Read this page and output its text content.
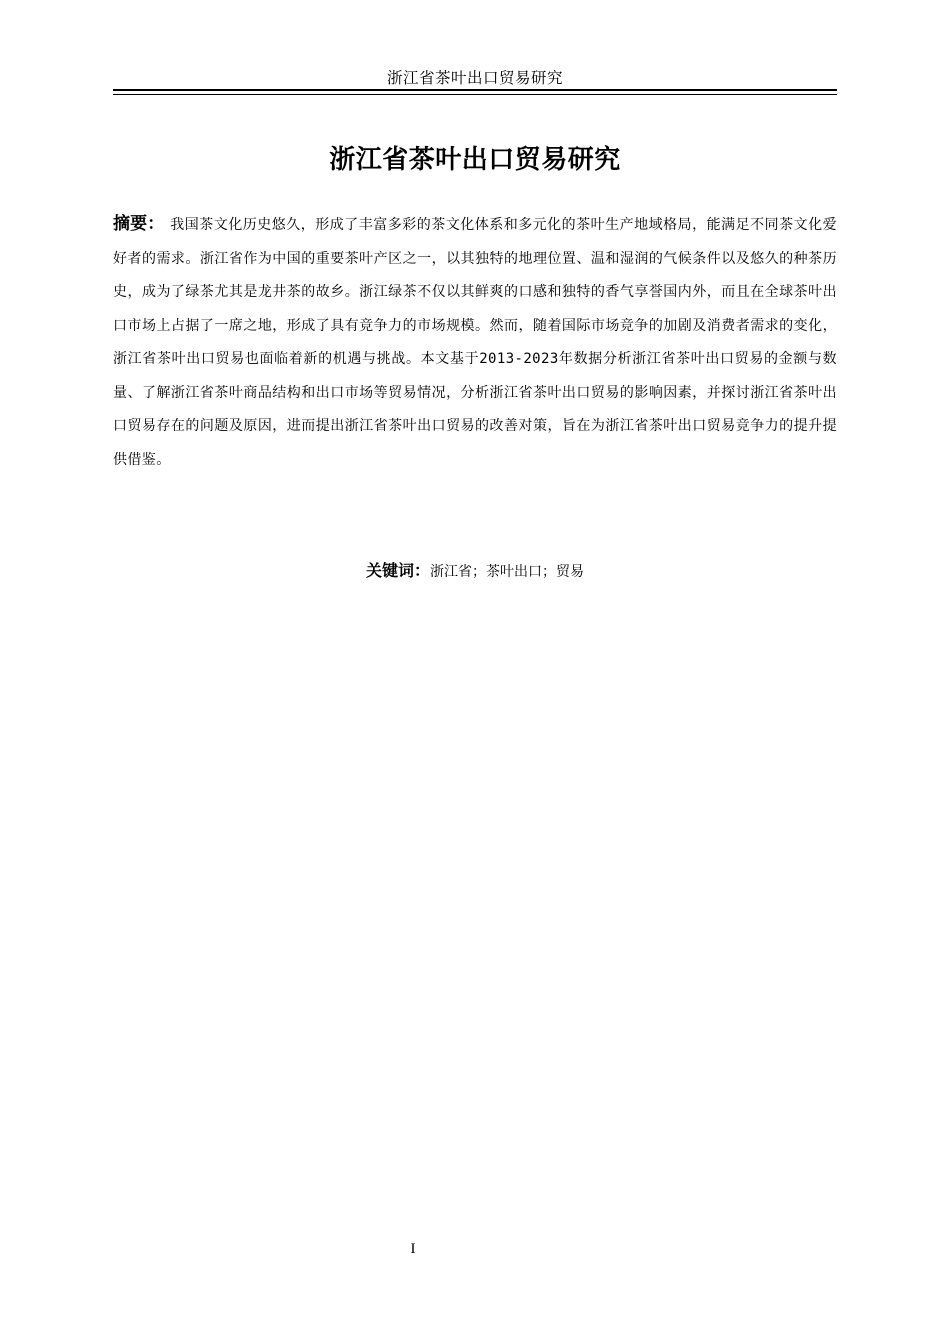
浙江省茶叶出口贸易研究
浙江省茶叶出口贸易研究

摘要： 我国茶文化历史悠久，形成了丰富多彩的茶文化体系和多元化的茶叶生产地域格局，能满足不同茶文化爱好者的需求。浙江省作为中国的重要茶叶产区之一，以其独特的地理位置、温和湿润的气候条件以及悠久的种茶历史，成为了绿茶尤其是龙井茶的故乡。浙江绿茶不仅以其鲜爽的口感和独特的香气享誉国内外，而且在全球茶叶出口市场上占据了一席之地，形成了具有竞争力的市场规模。然而，随着国际市场竞争的加剧及消费者需求的变化，浙江省茶叶出口贸易也面临着新的机遇与挑战。本文基于2013-2023年数据分析浙江省茶叶出口贸易的金额与数量、了解浙江省茶叶商品结构和出口市场等贸易情况，分析浙江省茶叶出口贸易的影响因素，并探讨浙江省茶叶出口贸易存在的问题及原因，进而提出浙江省茶叶出口贸易的改善对策，旨在为浙江省茶叶出口贸易竞争力的提升提供借鉴。

关键词：浙江省；茶叶出口；贸易
I
